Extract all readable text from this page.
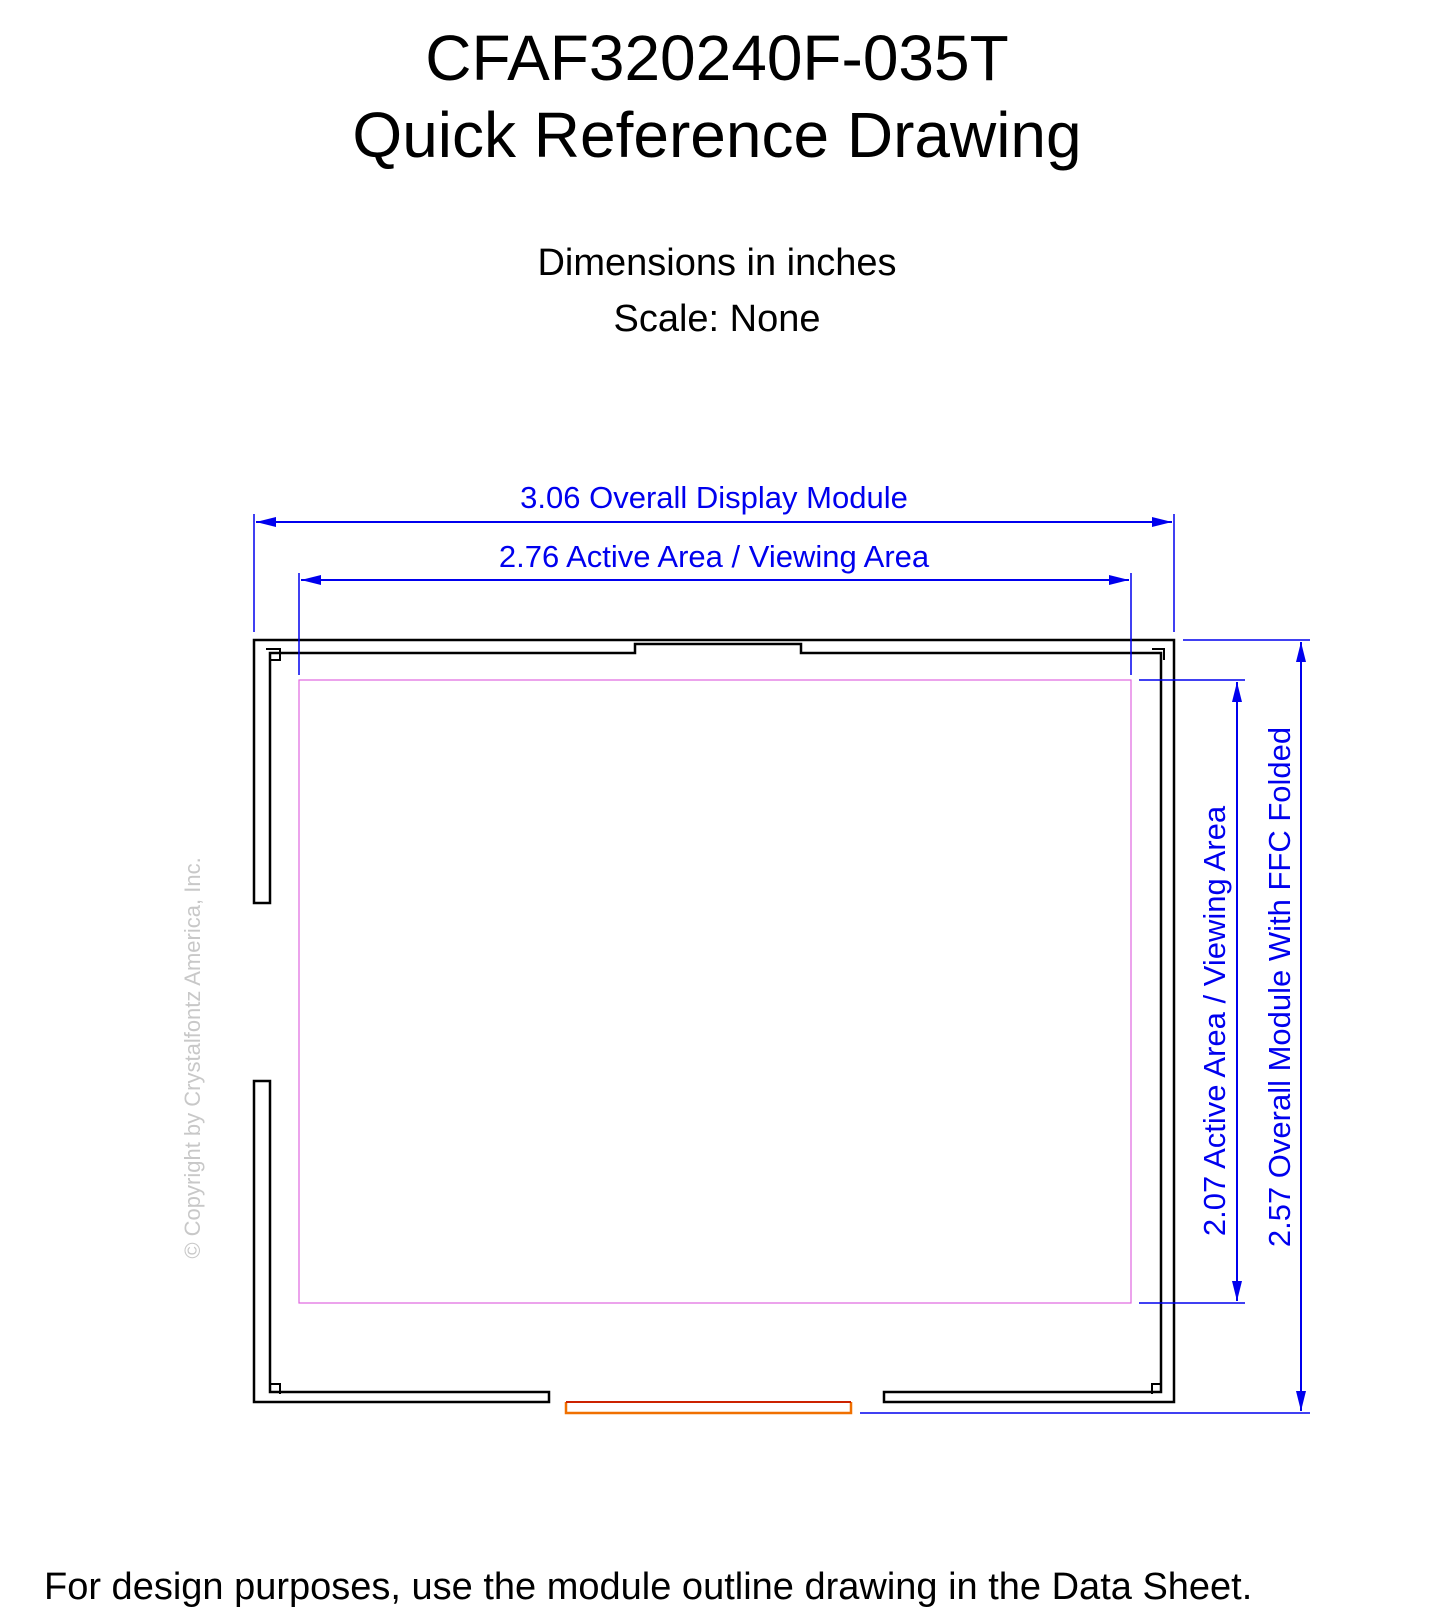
CFAF320240F-035T
Quick Reference Drawing
Dimensions in inches
Scale: None
3.06 Overall Display Module
2.76 Active Area / Viewing Area
2.07 Active Area / Viewing Area 2.57 Overall Module With FFC Folded
© Copyright by Crystalfontz America, Inc.
For design purposes, use the module outline drawing in the Data Sheet.
